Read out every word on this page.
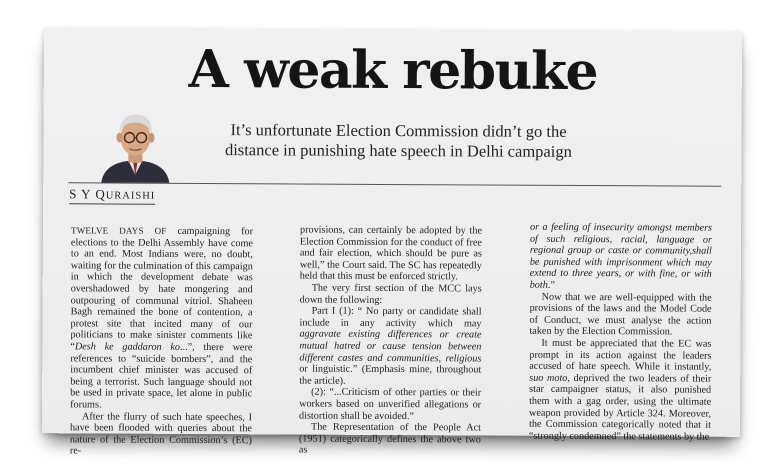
A weak rebuke
It’s unfortunate Election Commission didn’t go the distance in punishing hate speech in Delhi campaign
S Y QURAISHI

TWELVE DAYS OF campaigning for elections to the Delhi Assembly have come to an end. Most Indians were, no doubt, waiting for the culmination of this campaign in which the development debate was overshadowed by hate mongering and outpouring of communal vitriol. Shaheen Bagh remained the bone of contention, a protest site that incited many of our politicians to make sinister comments like “Desh ke gaddaron ko...”, there were references to “suicide bombers”, and the incumbent chief minister was accused of being a terrorist. Such language should not be used in private space, let alone in public forums.

After the flurry of such hate speeches, I have been flooded with queries about the nature of the Election Commission’s (EC) re-

provisions, can certainly be adopted by the Election Commission for the conduct of free and fair election, which should be pure as well,” the Court said. The SC has repeatedly held that this must be enforced strictly.

The very first section of the MCC lays down the following:

Part I (1): “ No party or candidate shall include in any activity which may aggravate existing differences or create mutual hatred or cause tension between different castes and communities, religious or linguistic.” (Emphasis mine, throughout the article).

(2): “...Criticism of other parties or their workers based on unverified allegations or distortion shall be avoided.”

The Representation of the People Act (1951) categorically defines the above two as

or a feeling of insecurity amongst members of such religious, racial, language or regional group or caste or community,shall be punished with imprisonment which may extend to three years, or with fine, or with both.”

Now that we are well-equipped with the provisions of the laws and the Model Code of Conduct, we must analyse the action taken by the Election Commission.

It must be appreciated that the EC was prompt in its action against the leaders accused of hate speech. While it instantly, suo moto, deprived the two leaders of their star campaigner status, it also punished them with a gag order, using the ultimate weapon provided by Article 324. Moreover, the Commission categorically noted that it “strongly condemned” the statements by the
